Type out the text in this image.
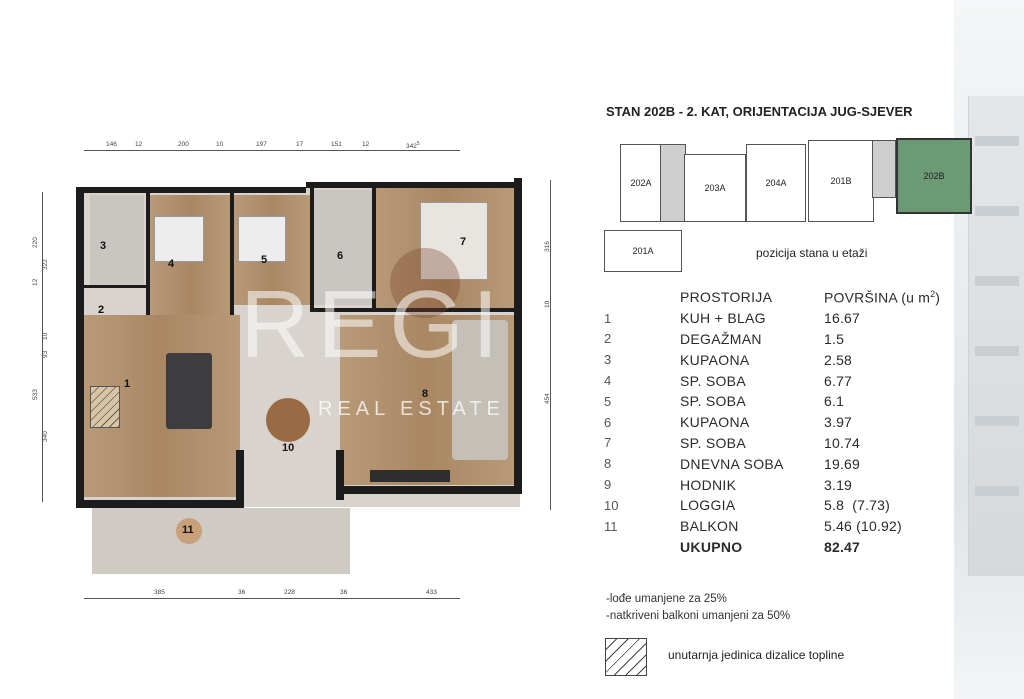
146	12	200	10	197	17	151	12	$342^5$
220
12
322
10
93
533
340
316
10
454
385	36	228	36	433
1
2
3
4	5	6
7
8
10
11
REGI
REAL ESTATE
STAN 202B - 2. KAT, ORIJENTACIJA JUG-SJEVER
202A	203A	204A	201B	202B
201A	pozicija stana u etaži
	PROSTORIJA	POVRŠINA (u $m^2$)
1	KUH + BLAG	16.67
2	DEGAŽMAN	1.5
3	KUPAONA	2.58
4	SP. SOBA	6.77
5	SP. SOBA	6.1
6	KUPAONA	3.97
7	SP. SOBA	10.74
8	DNEVNA SOBA	19.69
9	HODNIK	3.19
10	LOGGIA	5.8  (7.73)
11	BALKON	5.46 (10.92)
	UKUPNO	82.47
-lođe umanjene za 25%
-natkriveni balkoni umanjeni za 50%
unutarnja jedinica dizalice topline
